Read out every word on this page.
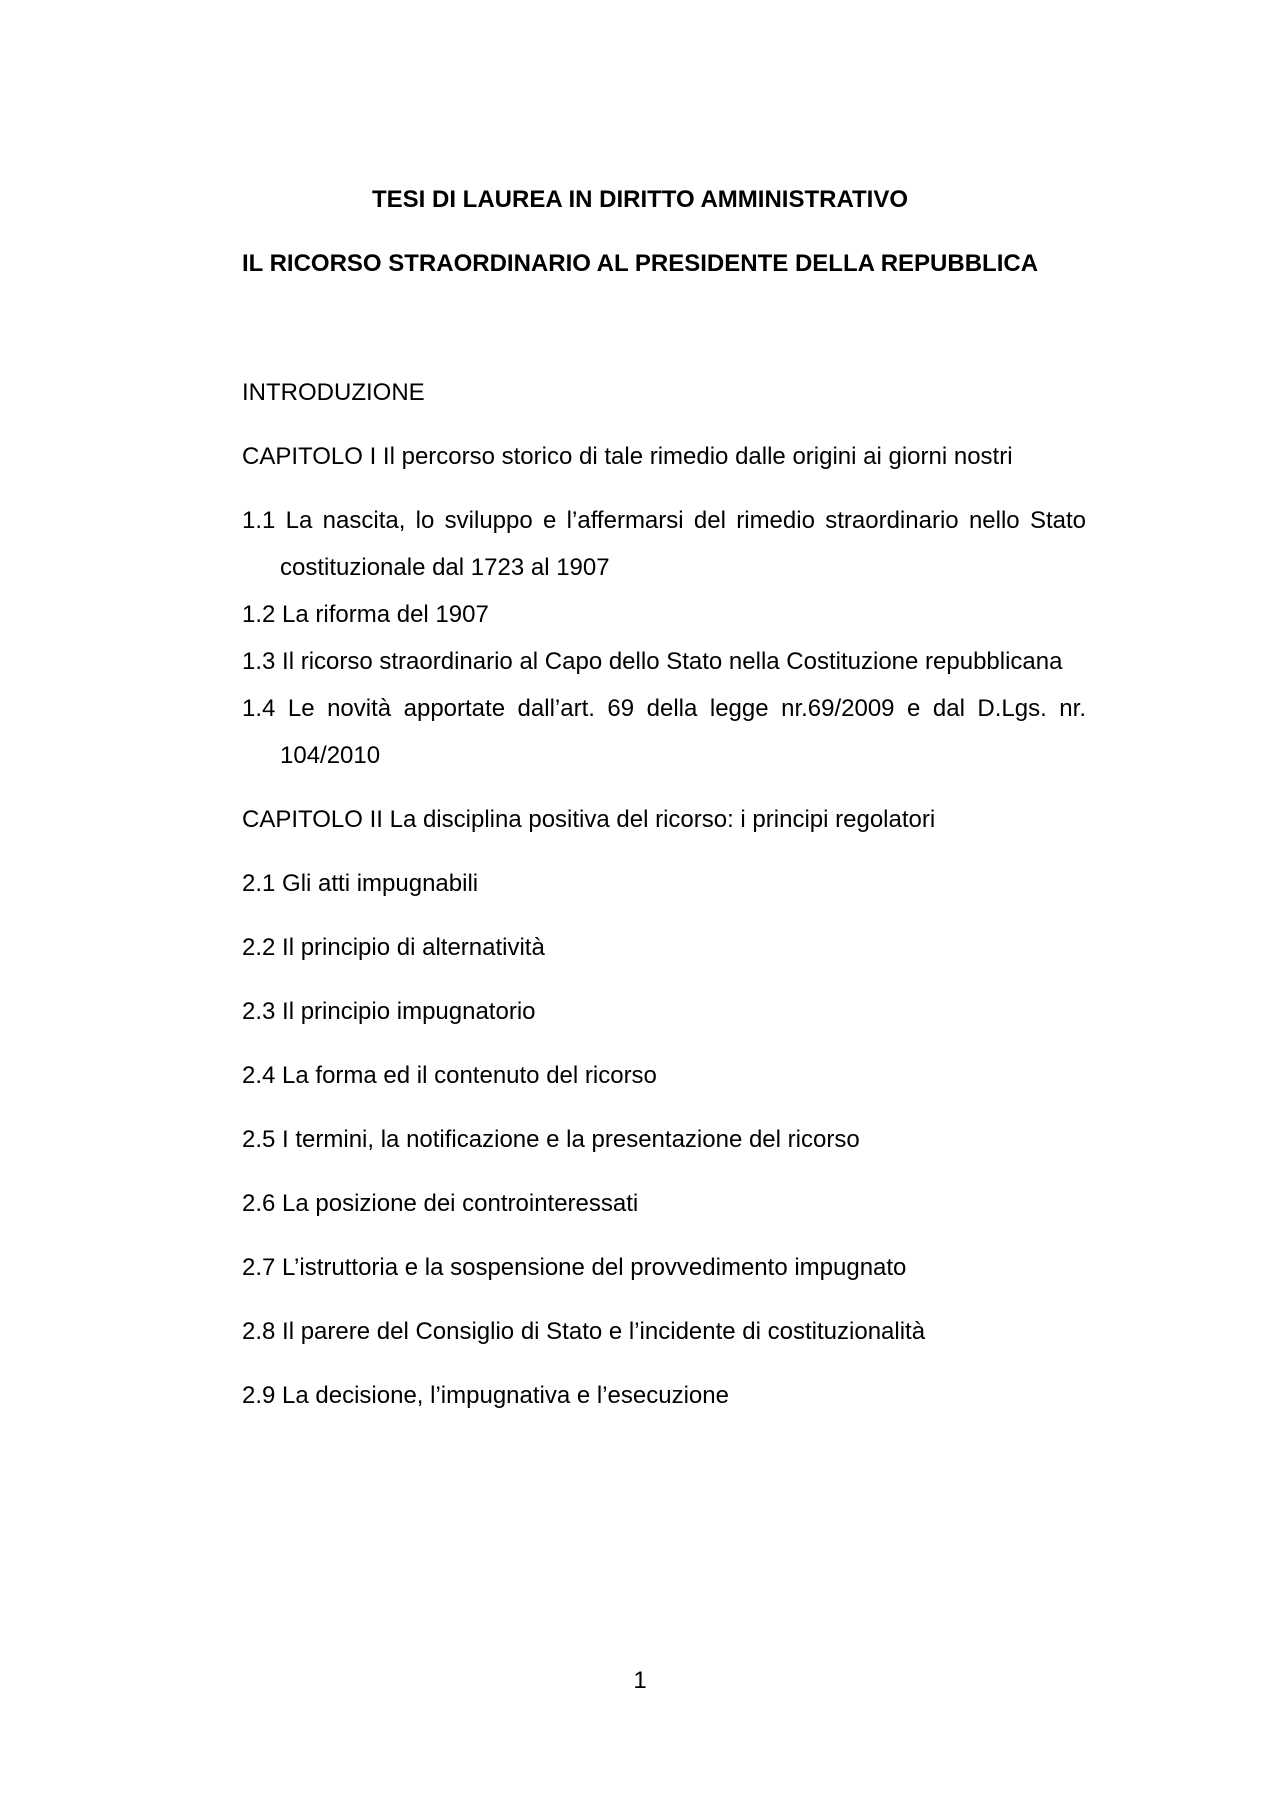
TESI DI LAUREA IN DIRITTO AMMINISTRATIVO

IL RICORSO STRAORDINARIO AL PRESIDENTE DELLA REPUBBLICA

INTRODUZIONE

CAPITOLO I Il percorso storico di tale rimedio dalle origini ai giorni nostri

1.1 La nascita, lo sviluppo e l’affermarsi del rimedio straordinario nello Stato

costituzionale dal 1723 al 1907

1.2 La riforma del 1907

1.3 Il ricorso straordinario al Capo dello Stato nella Costituzione repubblicana

1.4 Le novità apportate dall’art. 69 della legge nr.69/2009 e dal D.Lgs. nr.

104/2010

CAPITOLO II La disciplina positiva del ricorso: i principi regolatori

2.1 Gli atti impugnabili

2.2 Il principio di alternatività

2.3 Il principio impugnatorio

2.4 La forma ed il contenuto del ricorso

2.5 I termini, la notificazione e la presentazione del ricorso

2.6 La posizione dei controinteressati

2.7 L’istruttoria e la sospensione del provvedimento impugnato

2.8 Il parere del Consiglio di Stato e l’incidente di costituzionalità

2.9 La decisione, l’impugnativa e l’esecuzione

1
